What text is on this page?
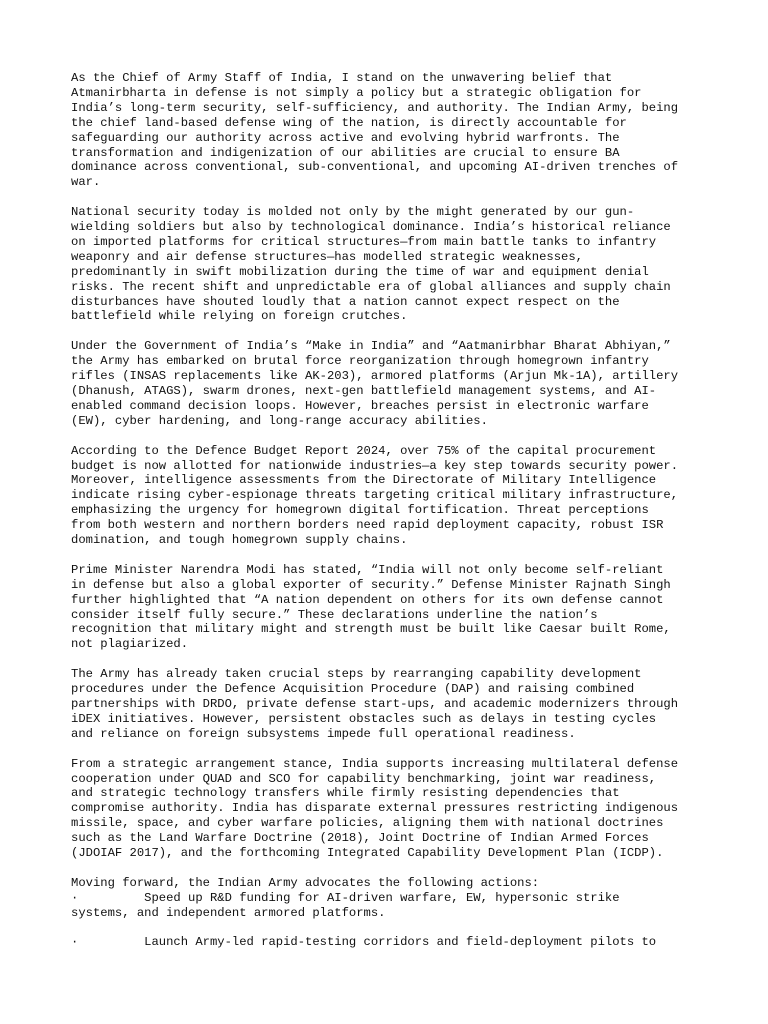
As the Chief of Army Staff of India, I stand on the unwavering belief that
Atmanirbharta in defense is not simply a policy but a strategic obligation for
India’s long-term security, self-sufficiency, and authority. The Indian Army, being
the chief land-based defense wing of the nation, is directly accountable for
safeguarding our authority across active and evolving hybrid warfronts. The
transformation and indigenization of our abilities are crucial to ensure BA
dominance across conventional, sub-conventional, and upcoming AI-driven trenches of
war.

National security today is molded not only by the might generated by our gun-
wielding soldiers but also by technological dominance. India’s historical reliance
on imported platforms for critical structures—from main battle tanks to infantry
weaponry and air defense structures—has modelled strategic weaknesses,
predominantly in swift mobilization during the time of war and equipment denial
risks. The recent shift and unpredictable era of global alliances and supply chain
disturbances have shouted loudly that a nation cannot expect respect on the
battlefield while relying on foreign crutches.

Under the Government of India’s “Make in India” and “Aatmanirbhar Bharat Abhiyan,”
the Army has embarked on brutal force reorganization through homegrown infantry
rifles (INSAS replacements like AK-203), armored platforms (Arjun Mk-1A), artillery
(Dhanush, ATAGS), swarm drones, next-gen battlefield management systems, and AI-
enabled command decision loops. However, breaches persist in electronic warfare
(EW), cyber hardening, and long-range accuracy abilities.

According to the Defence Budget Report 2024, over 75% of the capital procurement
budget is now allotted for nationwide industries—a key step towards security power.
Moreover, intelligence assessments from the Directorate of Military Intelligence
indicate rising cyber-espionage threats targeting critical military infrastructure,
emphasizing the urgency for homegrown digital fortification. Threat perceptions
from both western and northern borders need rapid deployment capacity, robust ISR
domination, and tough homegrown supply chains.

Prime Minister Narendra Modi has stated, “India will not only become self-reliant
in defense but also a global exporter of security.” Defense Minister Rajnath Singh
further highlighted that “A nation dependent on others for its own defense cannot
consider itself fully secure.” These declarations underline the nation’s
recognition that military might and strength must be built like Caesar built Rome,
not plagiarized.

The Army has already taken crucial steps by rearranging capability development
procedures under the Defence Acquisition Procedure (DAP) and raising combined
partnerships with DRDO, private defense start-ups, and academic modernizers through
iDEX initiatives. However, persistent obstacles such as delays in testing cycles
and reliance on foreign subsystems impede full operational readiness.

From a strategic arrangement stance, India supports increasing multilateral defense
cooperation under QUAD and SCO for capability benchmarking, joint war readiness,
and strategic technology transfers while firmly resisting dependencies that
compromise authority. India has disparate external pressures restricting indigenous
missile, space, and cyber warfare policies, aligning them with national doctrines
such as the Land Warfare Doctrine (2018), Joint Doctrine of Indian Armed Forces
(JDOIAF 2017), and the forthcoming Integrated Capability Development Plan (ICDP).

Moving forward, the Indian Army advocates the following actions:

·         Speed up R&D funding for AI-driven warfare, EW, hypersonic strike
systems, and independent armored platforms.

·         Launch Army-led rapid-testing corridors and field-deployment pilots to
